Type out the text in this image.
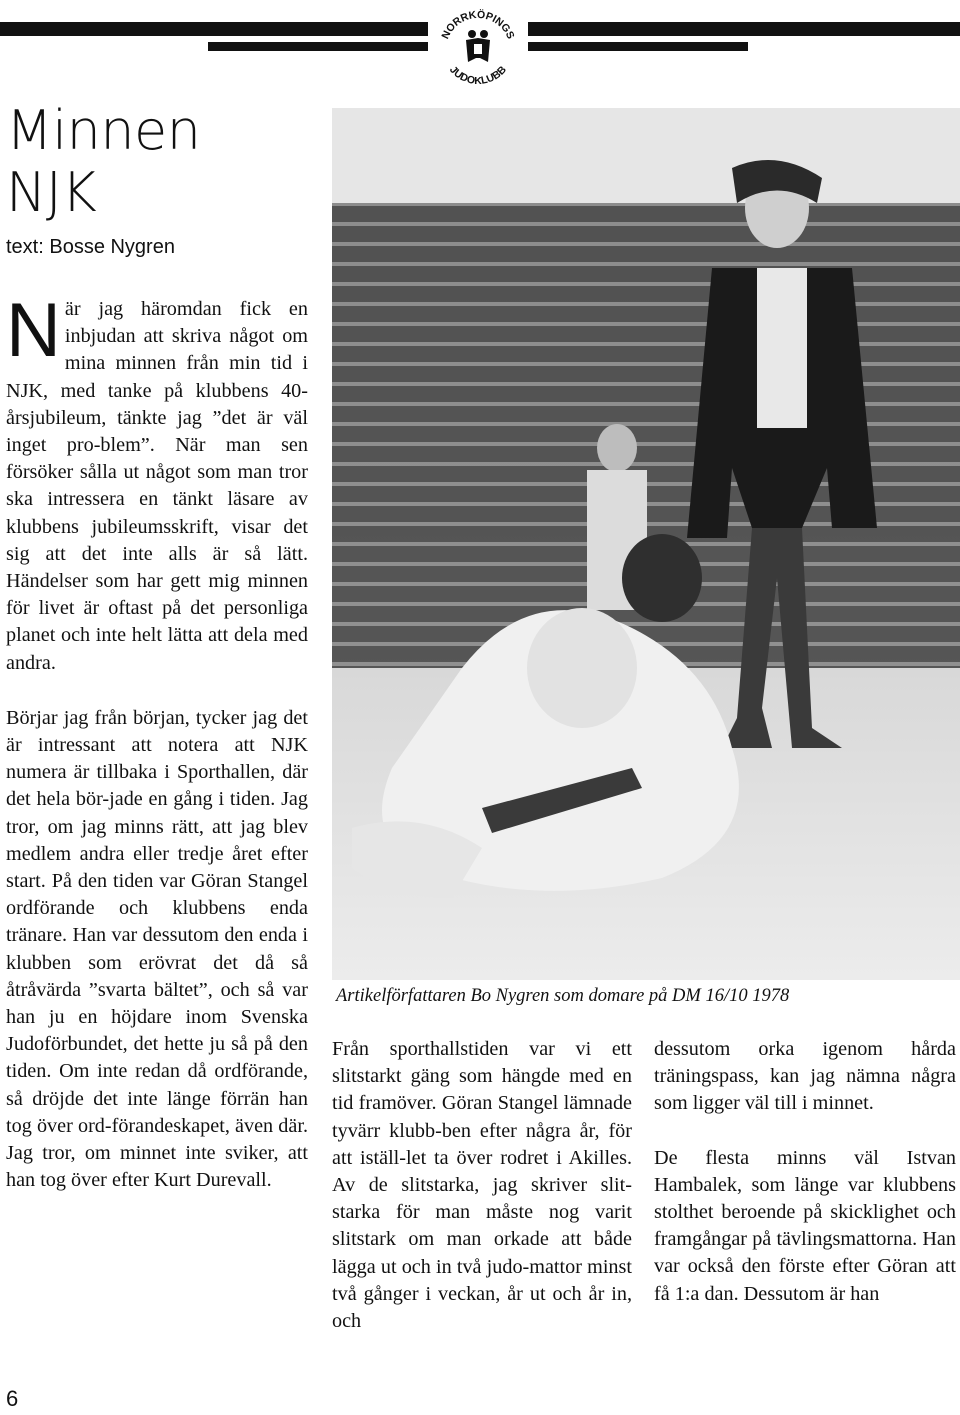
NORRKÖPINGS
JUDOKLUBB
Minnen
NJK
text: Bosse Nygren

När jag häromdan fick en inbjudan att skriva något om mina minnen från min tid i NJK, med tanke på klubbens 40-årsjubileum, tänkte jag ”det är väl inget pro-blem”. När man sen försöker sålla ut något som man tror ska intressera en tänkt läsare av klubbens jubileumsskrift, visar det sig att det inte alls är så lätt. Händelser som har gett mig minnen för livet är oftast på det personliga planet och inte helt lätta att dela med andra.

Börjar jag från början, tycker jag det är intressant att notera att NJK numera är tillbaka i Sporthallen, där det hela bör-jade en gång i tiden. Jag tror, om jag minns rätt, att jag blev medlem andra eller tredje året efter start. På den tiden var Göran Stangel ordförande och klubbens enda tränare. Han var dessutom den enda i klubben som erövrat det då så åtråvärda ”svarta bältet”, och så var han ju en höjdare inom Svenska Judoförbundet, det hette ju så på den tiden. Om inte redan då ordförande, så dröjde det inte länge förrän han tog över ord-förandeskapet, även där. Jag tror, om minnet inte sviker, att han tog över efter Kurt Durevall.

Artikelförfattaren Bo Nygren som domare på DM 16/10 1978

Från sporthallstiden var vi ett slitstarkt gäng som hängde med en tid framöver. Göran Stangel lämnade tyvärr klubb-ben efter några år, för att iställ-let ta över rodret i Akilles. Av de slitstarka, jag skriver slit-starka för man måste nog varit slitstark om man orkade att både lägga ut och in två judo-mattor minst två gånger i veckan, år ut och år in, och

dessutom orka igenom hårda träningspass, kan jag nämna några som ligger väl till i minnet.

De flesta minns väl Istvan Hambalek, som länge var klubbens stolthet beroende på skicklighet och framgångar på tävlingsmattorna. Han var också den förste efter Göran att få 1:a dan. Dessutom är han

6
